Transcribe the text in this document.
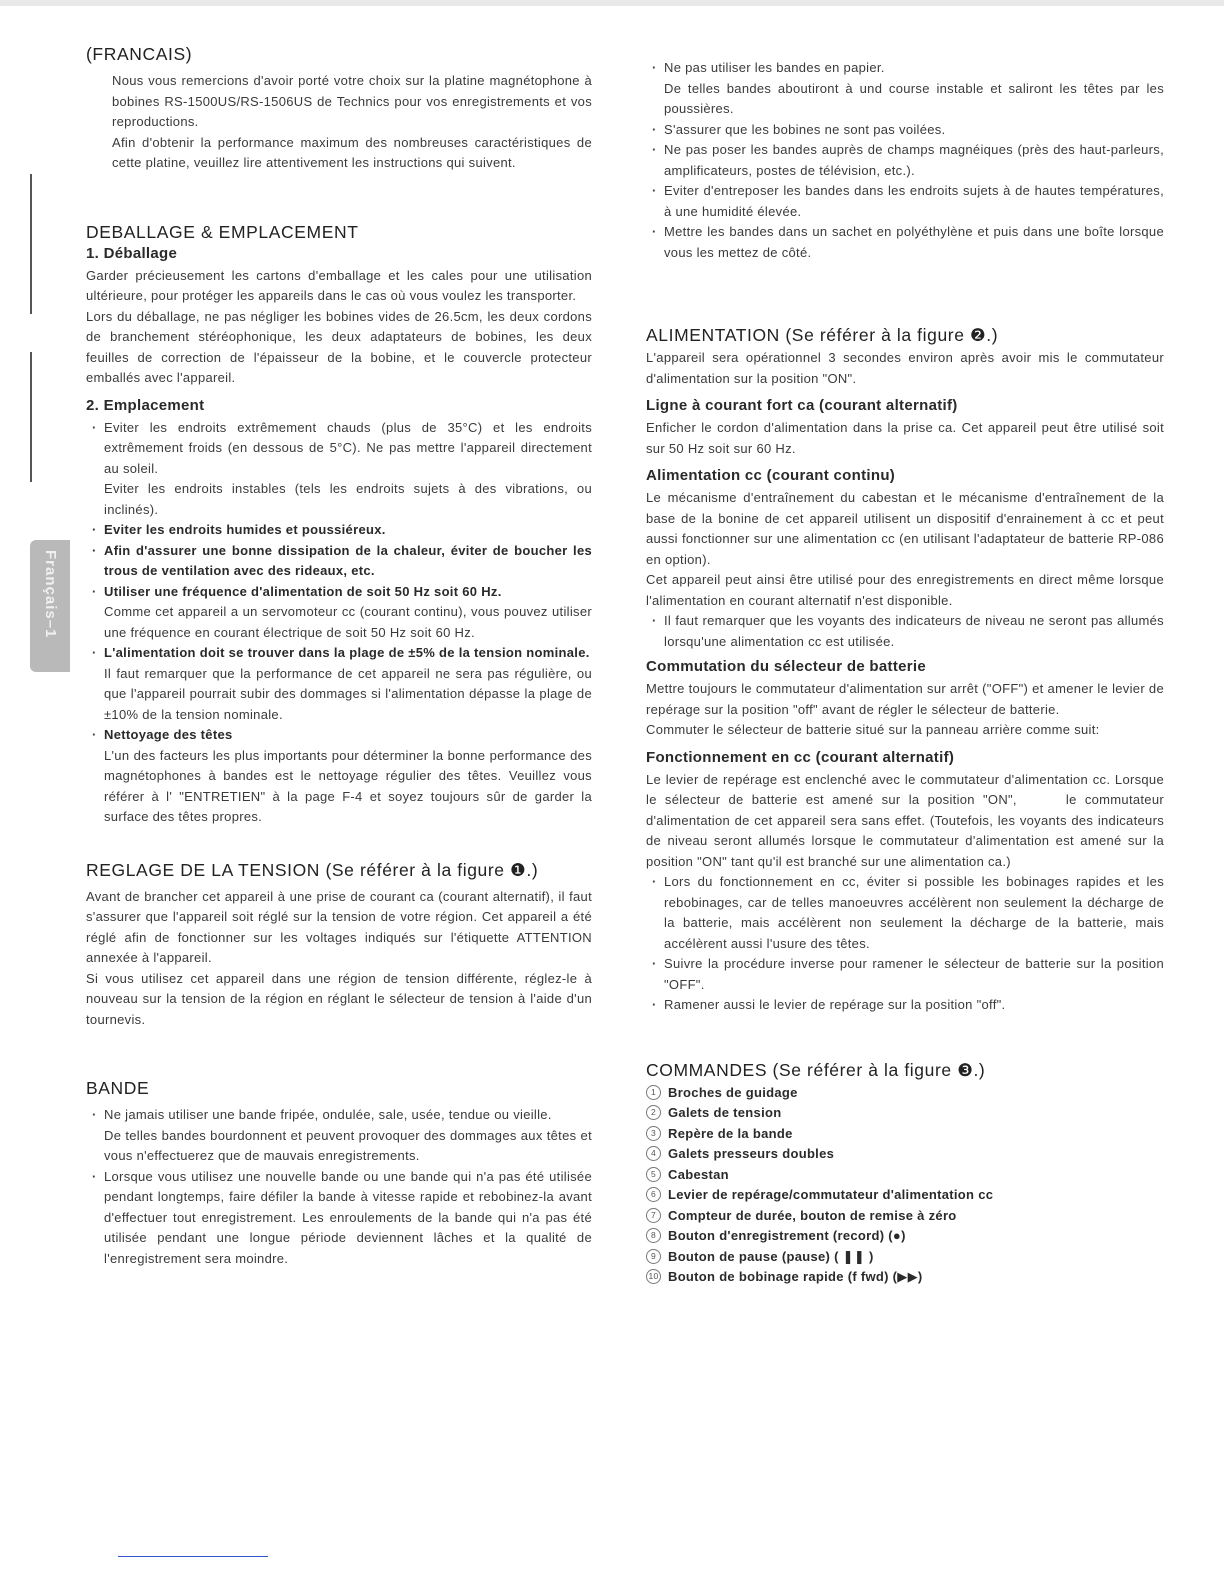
Français–1
(FRANCAIS)

Nous vous remercions d'avoir porté votre choix sur la platine magnétophone à bobines RS-1500US/RS-1506US de Technics pour vos enregistrements et vos reproductions.

Afin d'obtenir la performance maximum des nombreuses caractéristiques de cette platine, veuillez lire attentivement les instructions qui suivent.

DEBALLAGE & EMPLACEMENT
1. Déballage

Garder précieusement les cartons d'emballage et les cales pour une utilisation ultérieure, pour protéger les appareils dans le cas où vous voulez les transporter.

Lors du déballage, ne pas négliger les bobines vides de 26.5cm, les deux cordons de branchement stéréophonique, les deux adaptateurs de bobines, les deux feuilles de correction de l'épaisseur de la bobine, et le couvercle protecteur emballés avec l'appareil.

2. Emplacement
· Eviter les endroits extrêmement chauds (plus de 35°C) et les endroits extrêmement froids (en dessous de 5°C). Ne pas mettre l'appareil directement au soleil.
Eviter les endroits instables (tels les endroits sujets à des vibrations, ou inclinés).
· Eviter les endroits humides et poussiéreux.
· Afin d'assurer une bonne dissipation de la chaleur, éviter de boucher les trous de ventilation avec des rideaux, etc.
· Utiliser une fréquence d'alimentation de soit 50 Hz soit 60 Hz.
Comme cet appareil a un servomoteur cc (courant continu), vous pouvez utiliser une fréquence en courant électrique de soit 50 Hz soit 60 Hz.
· L'alimentation doit se trouver dans la plage de ±5% de la tension nominale.
Il faut remarquer que la performance de cet appareil ne sera pas régulière, ou que l'appareil pourrait subir des dommages si l'alimentation dépasse la plage de ±10% de la tension nominale.
· Nettoyage des têtes
L'un des facteurs les plus importants pour déterminer la bonne performance des magnétophones à bandes est le nettoyage régulier des têtes. Veuillez vous référer à l' "ENTRETIEN" à la page F-4 et soyez toujours sûr de garder la surface des têtes propres.
REGLAGE DE LA TENSION (Se référer à la figure ❶.)

Avant de brancher cet appareil à une prise de courant ca (courant alternatif), il faut s'assurer que l'appareil soit réglé sur la tension de votre région. Cet appareil a été réglé afin de fonctionner sur les voltages indiqués sur l'étiquette ATTENTION annexée à l'appareil.

Si vous utilisez cet appareil dans une région de tension différente, réglez-le à nouveau sur la tension de la région en réglant le sélecteur de tension à l'aide d'un tournevis.

BANDE
· Ne jamais utiliser une bande fripée, ondulée, sale, usée, tendue ou vieille.
De telles bandes bourdonnent et peuvent provoquer des dommages aux têtes et vous n'effectuerez que de mauvais enregistrements.
· Lorsque vous utilisez une nouvelle bande ou une bande qui n'a pas été utilisée pendant longtemps, faire défiler la bande à vitesse rapide et rebobinez-la avant d'effectuer tout enregistrement. Les enroulements de la bande qui n'a pas été utilisée pendant une longue période deviennent lâches et la qualité de l'enregistrement sera moindre.
· Ne pas utiliser les bandes en papier.
De telles bandes aboutiront à und course instable et saliront les têtes par les poussières.
· S'assurer que les bobines ne sont pas voilées.
· Ne pas poser les bandes auprès de champs magnéiques (près des haut-parleurs, amplificateurs, postes de télévision, etc.).
· Eviter d'entreposer les bandes dans les endroits sujets à de hautes températures, à une humidité élevée.
· Mettre les bandes dans un sachet en polyéthylène et puis dans une boîte lorsque vous les mettez de côté.
ALIMENTATION (Se référer à la figure ❷.)

L'appareil sera opérationnel 3 secondes environ après avoir mis le commutateur d'alimentation sur la position "ON".

Ligne à courant fort ca (courant alternatif)

Enficher le cordon d'alimentation dans la prise ca. Cet appareil peut être utilisé soit sur 50 Hz soit sur 60 Hz.

Alimentation cc (courant continu)

Le mécanisme d'entraînement du cabestan et le mécanisme d'entraînement de la base de la bonine de cet appareil utilisent un dispositif d'enrainement à cc et peut aussi fonctionner sur une alimentation cc (en utilisant l'adaptateur de batterie RP-086 en option).

Cet appareil peut ainsi être utilisé pour des enregistrements en direct même lorsque l'alimentation en courant alternatif n'est disponible.

· Il faut remarquer que les voyants des indicateurs de niveau ne seront pas allumés lorsqu'une alimentation cc est utilisée.
Commutation du sélecteur de batterie

Mettre toujours le commutateur d'alimentation sur arrêt ("OFF") et amener le levier de repérage sur la position "off" avant de régler le sélecteur de batterie.

Commuter le sélecteur de batterie situé sur la panneau arrière comme suit:

Fonctionnement en cc (courant alternatif)

Le levier de repérage est enclenché avec le commutateur d'alimentation cc. Lorsque le sélecteur de batterie est amené sur la position "ON",      le commutateur d'alimentation de cet appareil sera sans effet. (Toutefois, les voyants des indicateurs de niveau seront allumés lorsque le commutateur d'alimentation est amené sur la position "ON" tant qu'il est branché sur une alimentation ca.)

· Lors du fonctionnement en cc, éviter si possible les bobinages rapides et les rebobinages, car de telles manoeuvres accélèrent non seulement la décharge de la batterie, mais accélèrent non seulement la décharge de la batterie, mais accélèrent aussi l'usure des têtes.
· Suivre la procédure inverse pour ramener le sélecteur de batterie sur la position "OFF".
· Ramener aussi le levier de repérage sur la position "off".
COMMANDES (Se référer à la figure ❸.)
1 Broches de guidage
2 Galets de tension
3 Repère de la bande
4 Galets presseurs doubles
5 Cabestan
6 Levier de repérage/commutateur d'alimentation cc
7 Compteur de durée, bouton de remise à zéro
8 Bouton d'enregistrement (record) (●)
9 Bouton de pause (pause) ( ❚❚ )
10 Bouton de bobinage rapide (f fwd) (▶▶)
